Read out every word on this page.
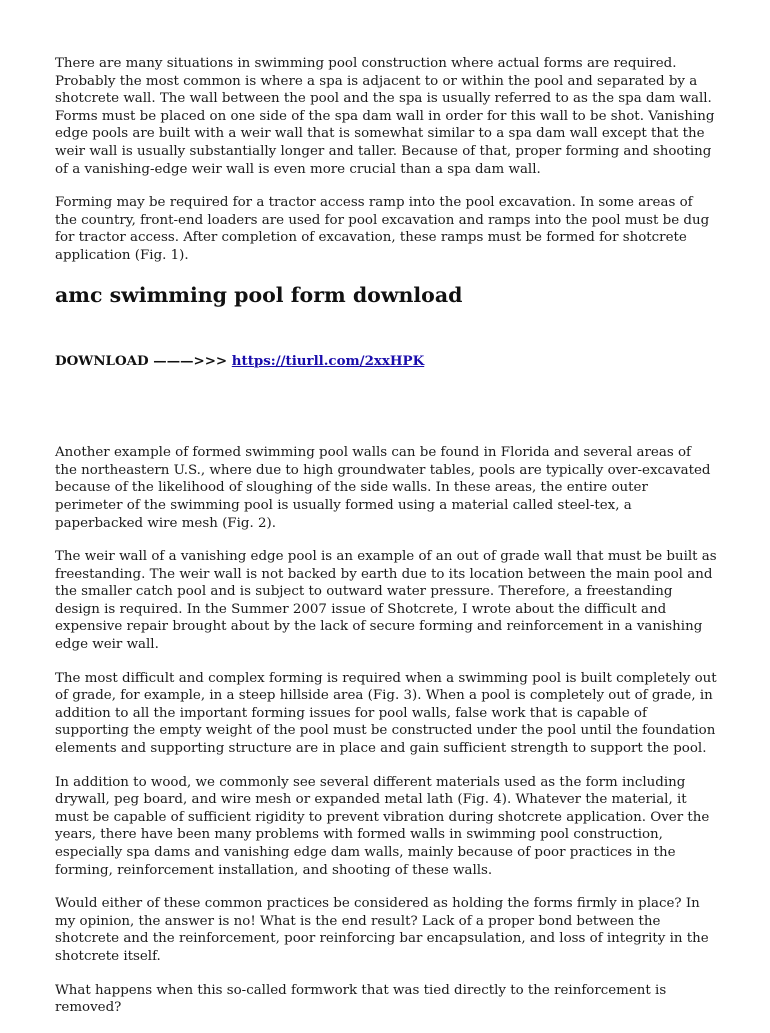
There are many situations in swimming pool construction where actual forms are required. Probably the most common is where a spa is adjacent to or within the pool and separated by a shotcrete wall. The wall between the pool and the spa is usually referred to as the spa dam wall. Forms must be placed on one side of the spa dam wall in order for this wall to be shot. Vanishing edge pools are built with a weir wall that is somewhat similar to a spa dam wall except that the weir wall is usually substantially longer and taller. Because of that, proper forming and shooting of a vanishing-edge weir wall is even more crucial than a spa dam wall.

Forming may be required for a tractor access ramp into the pool excavation. In some areas of the country, front-end loaders are used for pool excavation and ramps into the pool must be dug for tractor access. After completion of excavation, these ramps must be formed for shotcrete application (Fig. 1).

amc swimming pool form download

DOWNLOAD ———>>> https://tiurll.com/2xxHPK

Another example of formed swimming pool walls can be found in Florida and several areas of the northeastern U.S., where due to high groundwater tables, pools are typically over-excavated because of the likelihood of sloughing of the side walls. In these areas, the entire outer perimeter of the swimming pool is usually formed using a material called steel-tex, a paperbacked wire mesh (Fig. 2).

The weir wall of a vanishing edge pool is an example of an out of grade wall that must be built as freestanding. The weir wall is not backed by earth due to its location between the main pool and the smaller catch pool and is subject to outward water pressure. Therefore, a freestanding design is required. In the Summer 2007 issue of Shotcrete, I wrote about the difficult and expensive repair brought about by the lack of secure forming and reinforcement in a vanishing edge weir wall.

The most difficult and complex forming is required when a swimming pool is built completely out of grade, for example, in a steep hillside area (Fig. 3). When a pool is completely out of grade, in addition to all the important forming issues for pool walls, false work that is capable of supporting the empty weight of the pool must be constructed under the pool until the foundation elements and supporting structure are in place and gain sufficient strength to support the pool.

In addition to wood, we commonly see several different materials used as the form including drywall, peg board, and wire mesh or expanded metal lath (Fig. 4). Whatever the material, it must be capable of sufficient rigidity to prevent vibration during shotcrete application. Over the years, there have been many problems with formed walls in swimming pool construction, especially spa dams and vanishing edge dam walls, mainly because of poor practices in the forming, reinforcement installation, and shooting of these walls.

Would either of these common practices be considered as holding the forms firmly in place? In my opinion, the answer is no! What is the end result? Lack of a proper bond between the shotcrete and the reinforcement, poor reinforcing bar encapsulation, and loss of integrity in the shotcrete itself.

What happens when this so-called formwork that was tied directly to the reinforcement is removed?
